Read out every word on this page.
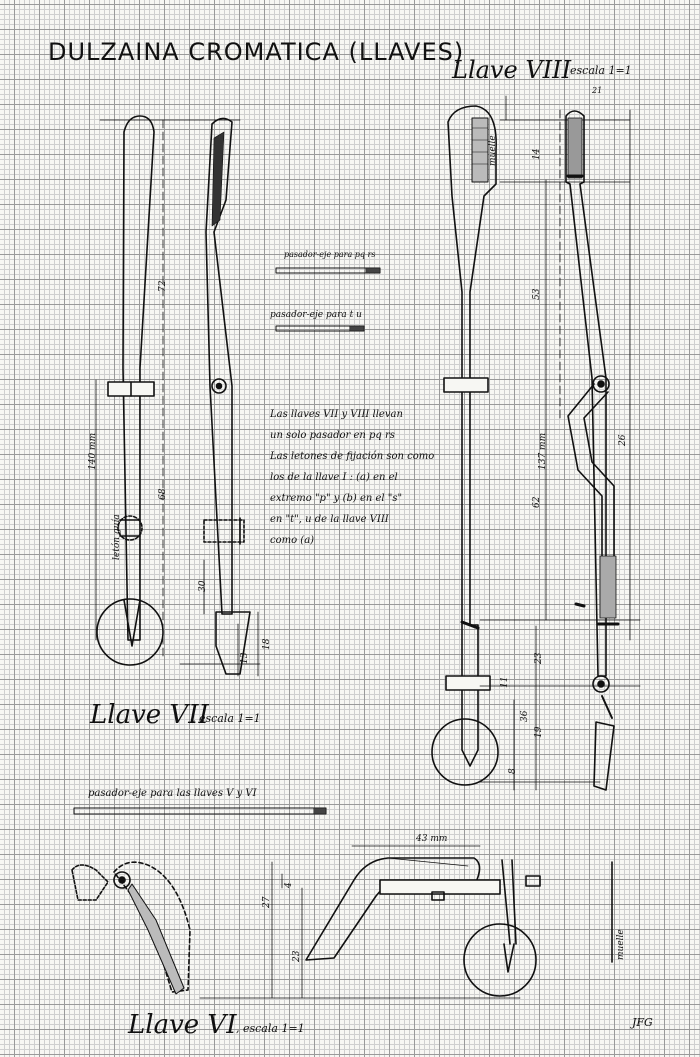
DULZAINA CROMATICA (LLAVES)
Llave VIII
escala 1=1
Llave VII
, escala 1=1
Llave VI , escala 1=1
pasador-eje para pq rs
pasador-eje para t u
pasador-eje para las llaves V y VI
Las llaves VII y VIII llevan
un solo pasador en pq rs
Las letones de fijación son como
los de la llave I : (a) en el
extremo "p" y (b) en el "s"
en "t", u de la llave VIII
como (a)
muelle
muelle
letón guía
140 mm	137 mm
43 mm
72
68
30
18
13
21
14
53
26
62
23
36
19
11
8
4
27
23
JFG
